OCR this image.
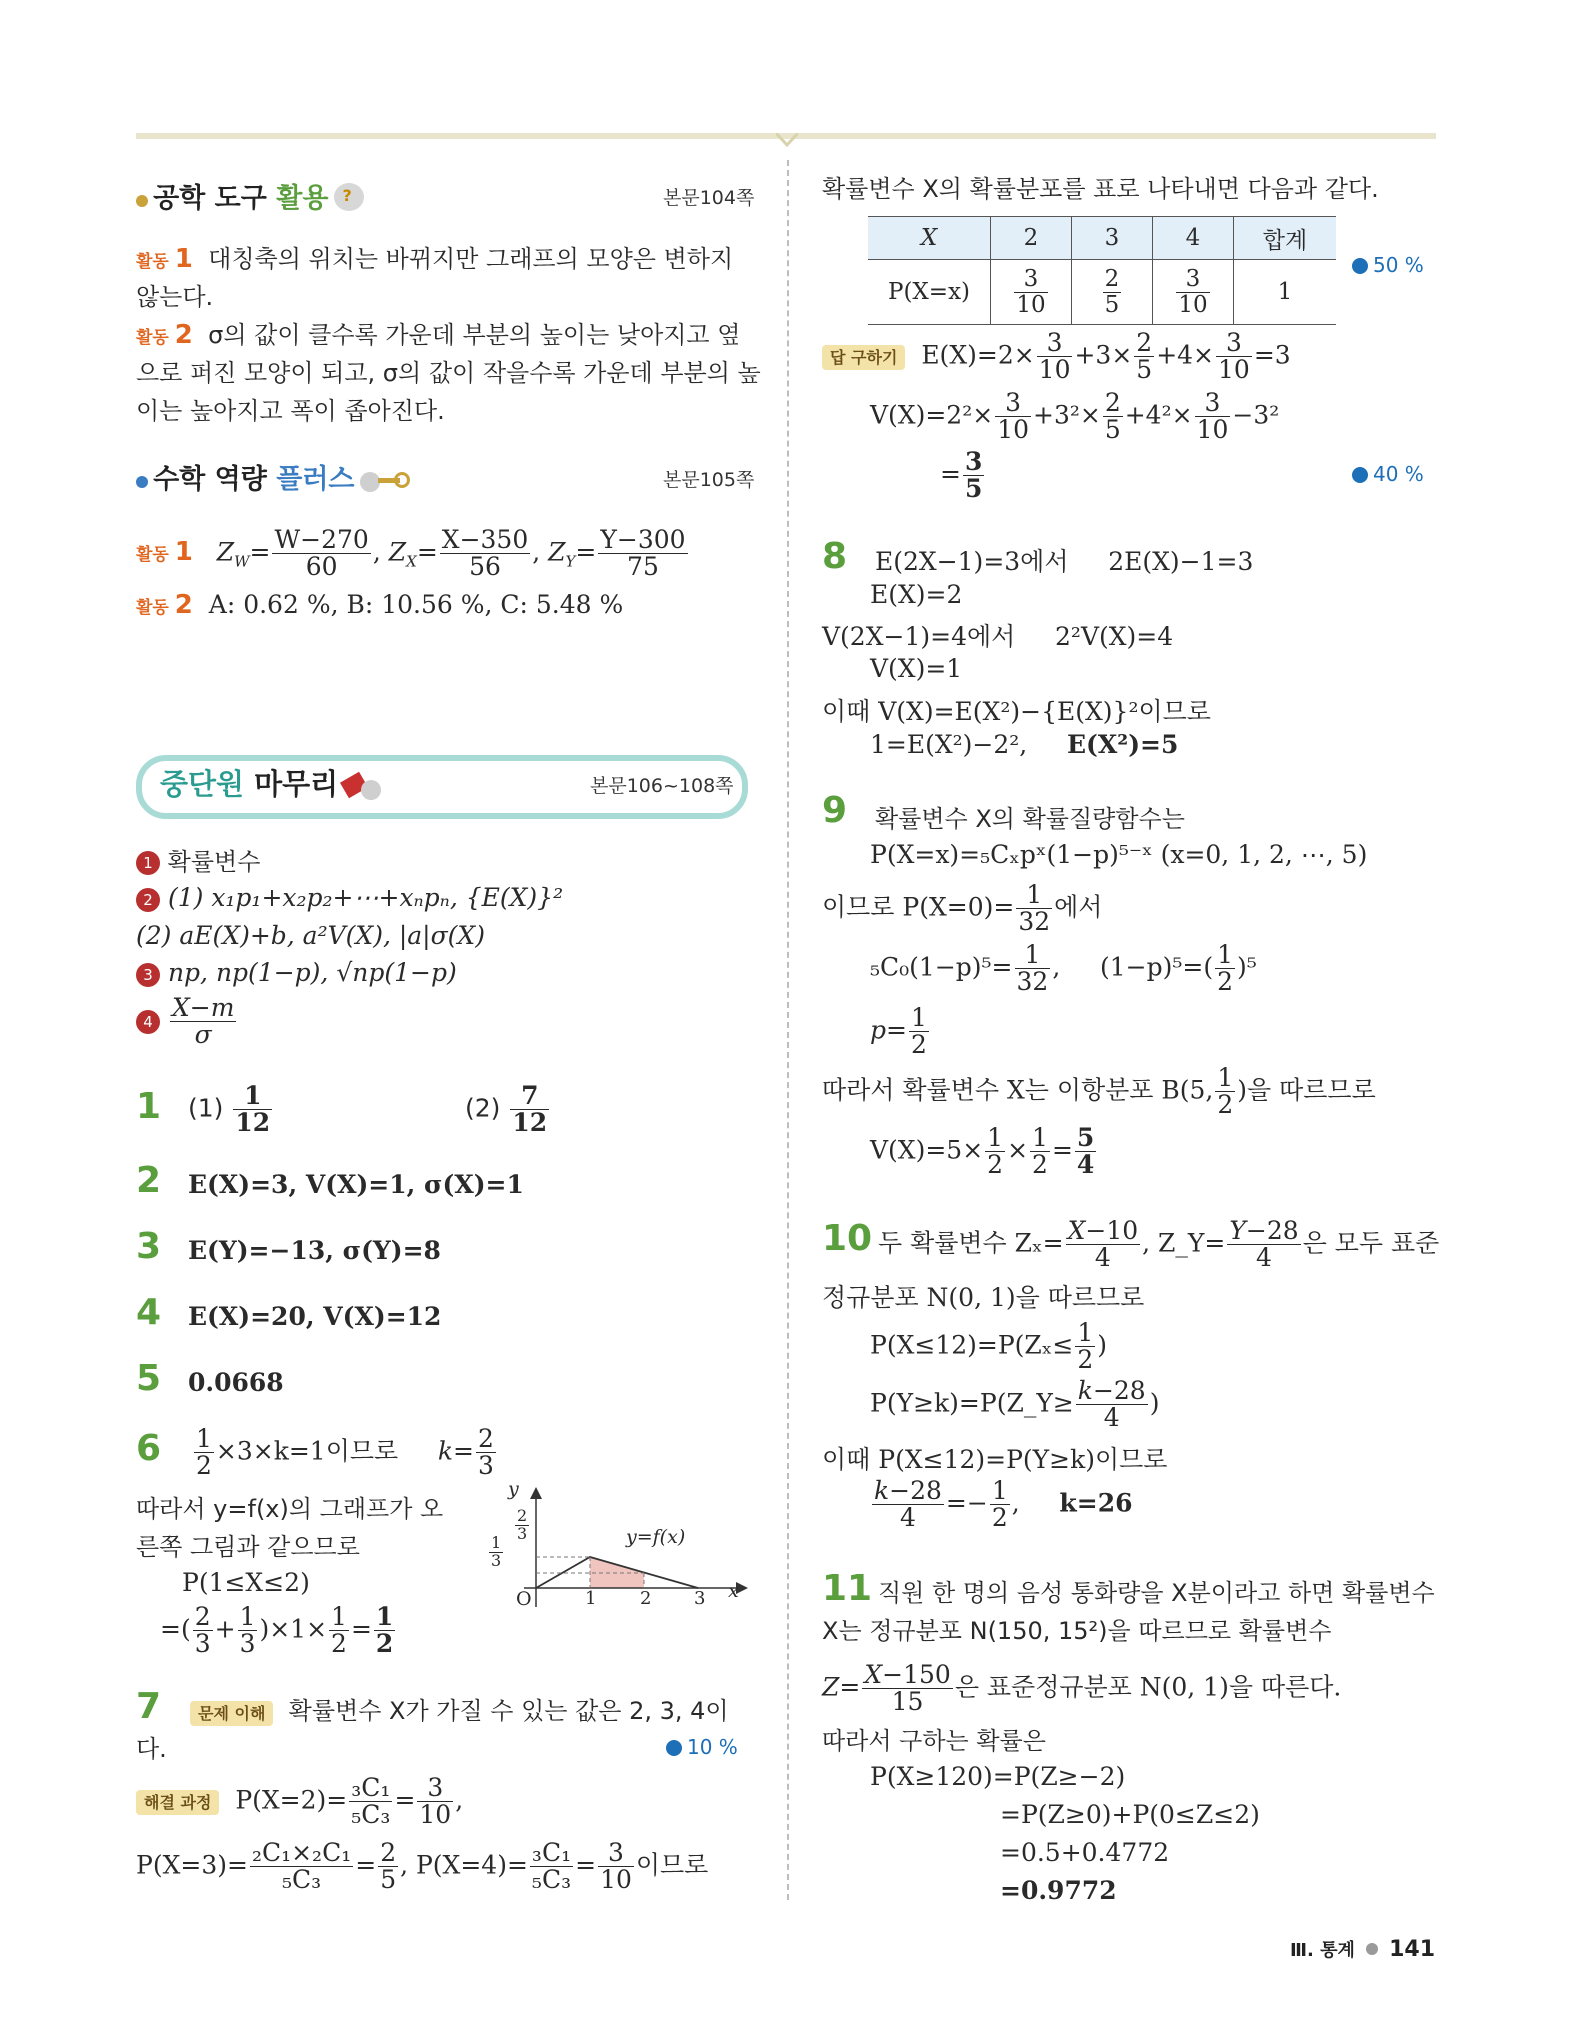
공학 도구 활용 ?	본문104쪽
활동 1 대칭축의 위치는 바뀌지만 그래프의 모양은 변하지
않는다.
활동 2 σ의 값이 클수록 가운데 부분의 높이는 낮아지고 옆
으로 퍼진 모양이 되고, σ의 값이 작을수록 가운데 부분의 높
이는 높아지고 폭이 좁아진다.
수학 역량 플러스	본문105쪽
활동 1 $Z_W= \frac{W-270}{60}$ , $Z_X= \frac{X-350}{56}$ , $Z_Y= \frac{Y-300}{75}$
활동 2 A: 0.62 %, B: 10.56 %, C: 5.48 %
중단원 마무리	본문106~108쪽
1 확률변수
2 (1) x₁p₁+x₂p₂+⋯+xₙpₙ, {E(X)}²
(2) aE(X)+b, a²V(X), |a|σ(X)
3 np, np(1−p), √np(1−p)
$4 \frac{X-m}{\sigma}$
1 $(1) \frac{1}{12}$	$(2) \frac{7}{12}$
2 E(X)=3, V(X)=1, σ(X)=1
3 E(Y)=−13, σ(Y)=8
4 E(X)=20, V(X)=12
5 0.0668
$6 \frac{1}{2} \times 3\times k=1$이므로 $k= \frac{2}{3}$
따라서 y=f(x)의 그래프가 오
른쪽 그림과 같으므로
P(1≤X≤2)
=( $\frac{2}{3} + \frac{1}{3} )\times 1\times \frac{1}{2} = \frac{1}{2}$
y
x
O
y=f(x)
1 2 3
$\frac{2}{3}$
$\frac{1}{3}$
7	문제 이해 확률변수 X가 가질 수 있는 값은 2, 3, 4이
다.	10 %
해결 과정 $P(X=2)= \frac{\text{₃C₁}}{\text{₅C₃}} = \frac{3}{10}$ ,
$P(X=3)= \frac{\text{₂C₁×₂C₁}}{\text{₅C₃}} = \frac{2}{5}$ , $P(X=4)= \frac{\text{₃C₁}}{\text{₅C₃}} = \frac{3}{10}$ 이므로
확률변수 X의 확률분포를 표로 나타내면 다음과 같다.
X	2	3	4	합계
P(X=x)	$\frac{3}{10}$	$\frac{2}{5}$	$\frac{3}{10}$	1
50 %
답 구하기 $E(X)=2\times \frac{3}{10} +3\times \frac{2}{5} +4\times \frac{3}{10} =3$
$V(X)=2^2\times \frac{3}{10} +3^2\times \frac{2}{5} +4^2\times \frac{3}{10} -3^2$
= $\frac{3}{5}$	40 %
8 E(2X−1)=3에서 2E(X)−1=3
E(X)=2
V(2X−1)=4에서 2²V(X)=4
V(X)=1
이때 V(X)=E(X²)−{E(X)}²이므로
1=E(X²)−2², E(X²)=5
9 확률변수 X의 확률질량함수는
P(X=x)=₅Cₓpˣ(1−p)⁵⁻ˣ (x=0, 1, 2, ⋯, 5)
이므로 $P(X=0)= \frac{1}{32}$ 에서
$_5C_0(1-p)^5= \frac{1}{32}$ , $(1-p)^5=( \frac{1}{2} )^5$
$p= \frac{1}{2}$
따라서 확률변수 X는 이항분포 B(5, $\frac{1}{2}$ )을 따르므로
$V(X)=5\times \frac{1}{2} \times \frac{1}{2} = \frac{5}{4}$
10 두 확률변수 $Z_x= \frac{X-10}{4}$ , Z_Y= $\frac{Y-28}{4}$ 은 모두 표준
정규분포 N(0, 1)을 따르므로
$P(X\le 12)=P(Z_x\le \frac{1}{2}$ )
P(Y≥k)=P(Z_Y≥ $\frac{k-28}{4}$ )
이때 P(X≤12)=P(Y≥k)이므로
$\frac{k-28}{4} =- \frac{1}{2}$ , k=26
11 직원 한 명의 음성 통화량을 X분이라고 하면 확률변수
X는 정규분포 N(150, 15²)을 따르므로 확률변수
$Z= \frac{X-150}{15}$ 은 표준정규분포 N(0, 1)을 따른다.
따라서 구하는 확률은
P(X≥120)=P(Z≥−2)
=P(Z≥0)+P(0≤Z≤2)
=0.5+0.4772
=0.9772
Ⅲ. 통계 141
